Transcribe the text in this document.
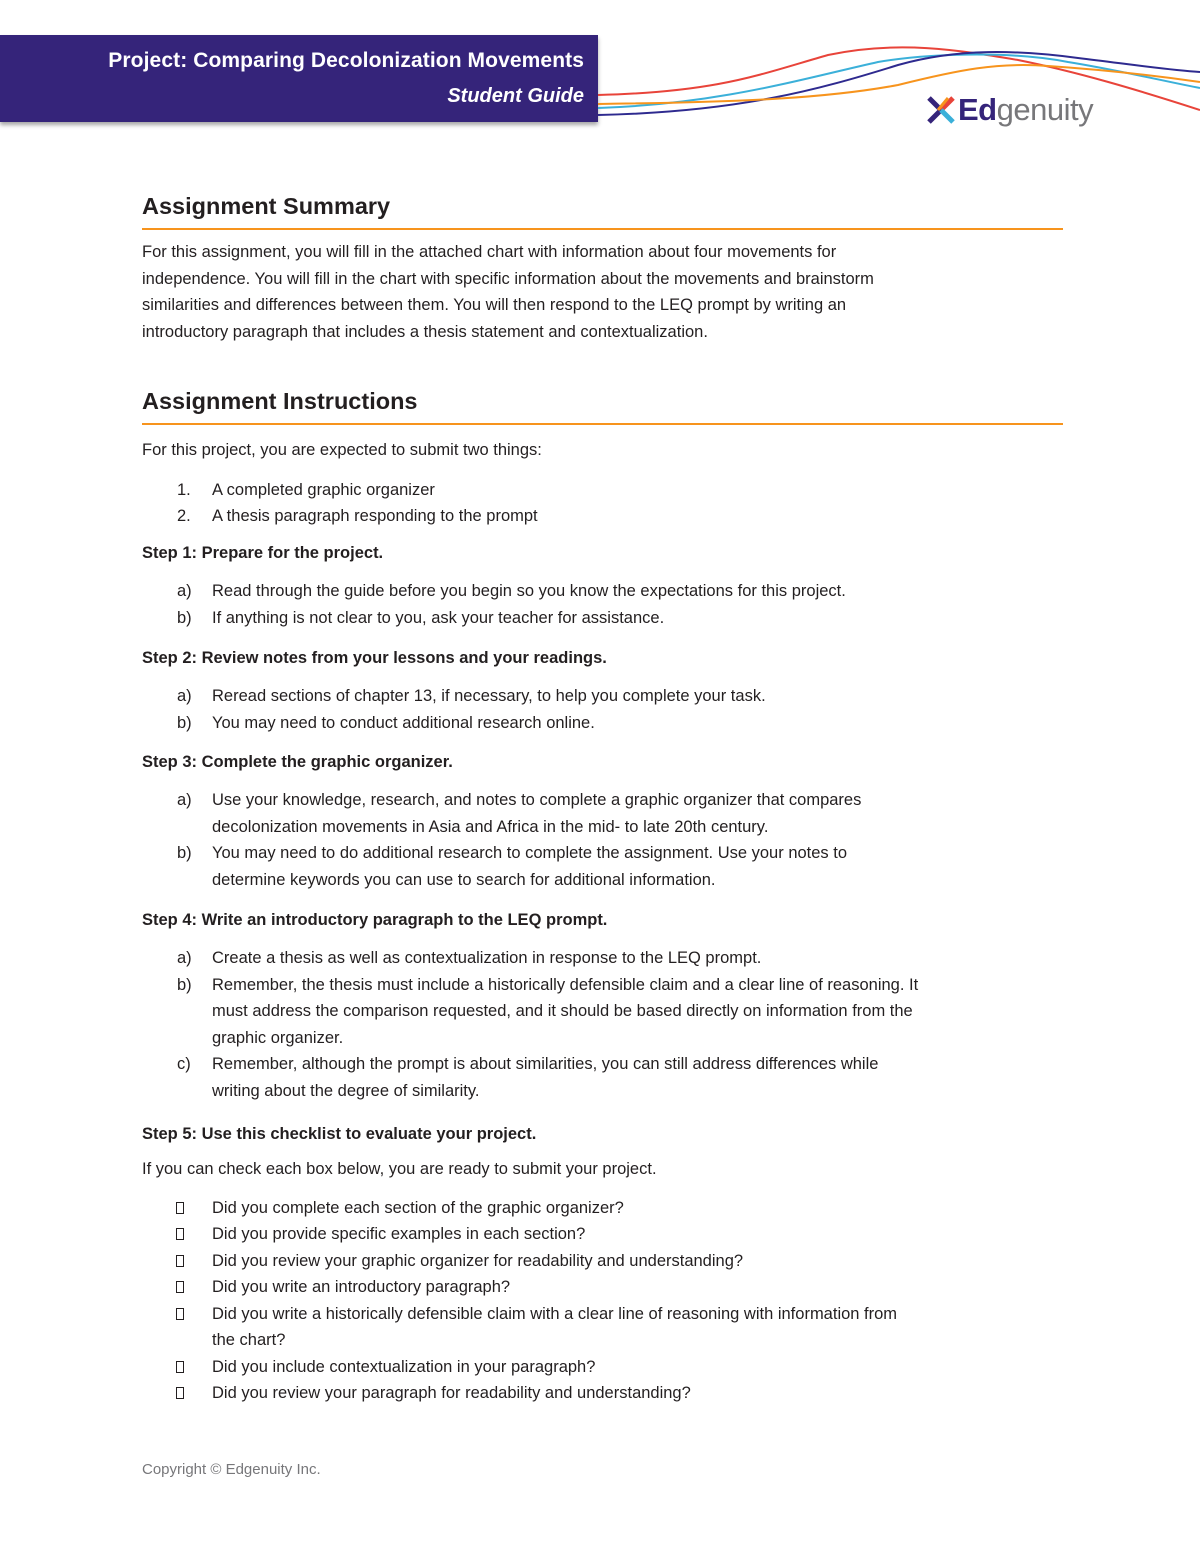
Project: Comparing Decolonization Movements
Student Guide	Ed genuity
Assignment Summary

For this assignment, you will fill in the attached chart with information about four movements for

independence. You will fill in the chart with specific information about the movements and brainstorm

similarities and differences between them. You will then respond to the LEQ prompt by writing an

introductory paragraph that includes a thesis statement and contextualization.

Assignment Instructions

For this project, you are expected to submit two things:

1. A completed graphic organizer
2. A thesis paragraph responding to the prompt

Step 1: Prepare for the project.

a) Read through the guide before you begin so you know the expectations for this project.
b) If anything is not clear to you, ask your teacher for assistance.

Step 2: Review notes from your lessons and your readings.

a) Reread sections of chapter 13, if necessary, to help you complete your task.
b) You may need to conduct additional research online.

Step 3: Complete the graphic organizer.

a) Use your knowledge, research, and notes to complete a graphic organizer that compares
decolonization movements in Asia and Africa in the mid- to late 20th century.
b) You may need to do additional research to complete the assignment. Use your notes to
determine keywords you can use to search for additional information.

Step 4: Write an introductory paragraph to the LEQ prompt.

a) Create a thesis as well as contextualization in response to the LEQ prompt.
b) Remember, the thesis must include a historically defensible claim and a clear line of reasoning. It
must address the comparison requested, and it should be based directly on information from the
graphic organizer.
c) Remember, although the prompt is about similarities, you can still address differences while
writing about the degree of similarity.

Step 5: Use this checklist to evaluate your project.

If you can check each box below, you are ready to submit your project.

Did you complete each section of the graphic organizer?
Did you provide specific examples in each section?
Did you review your graphic organizer for readability and understanding?
Did you write an introductory paragraph?
Did you write a historically defensible claim with a clear line of reasoning with information from
the chart?
Did you include contextualization in your paragraph?
Did you review your paragraph for readability and understanding?
Copyright © Edgenuity Inc.
